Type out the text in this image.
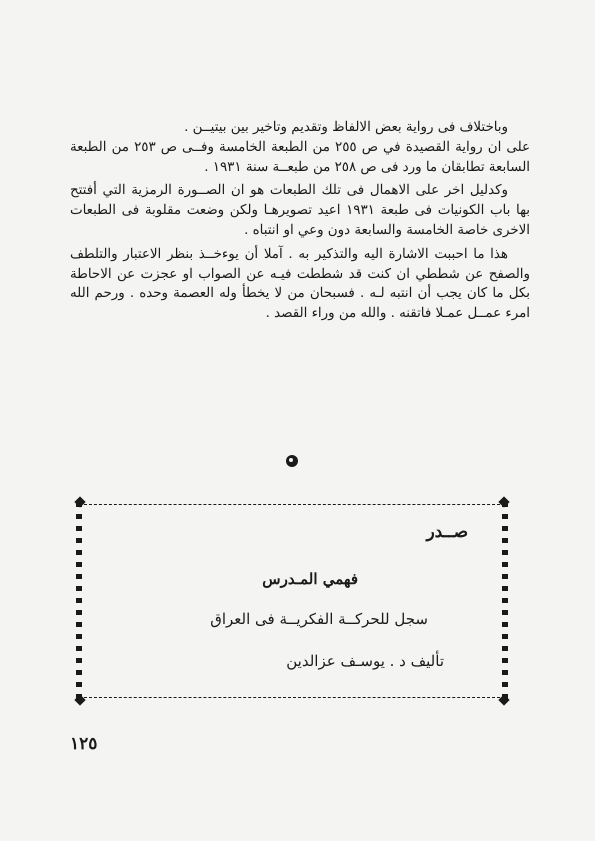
وباختلاف فى رواية بعض الالفاظ وتقديم وتاخير بين بيتيــن .

على ان رواية القصيدة في ص ٢٥٥ من الطبعة الخامسة وفــى ص ٢٥٣ من الطبعة السابعة تطابقان ما ورد فى ص ٢٥٨ من طبعــة سنة ١٩٣١ .

وكدليل اخر على الاهمال فى تلك الطبعات هو ان الصــورة الرمزية التي أفتتح بها باب الكونيات فى طبعة ١٩٣١ اعيد تصويرهـا ولكن وضعت مقلوبة فى الطبعات الاخرى خاصة الخامسة والسابعة دون وعي او انتباه .

هذا ما احببت الاشارة اليه والتذكير به . آملا أن يوءخــذ بنظر الاعتبار والتلطف والصفح عن شططي ان كنت قد شططت فيـه عن الصواب او عجزت عن الاحاطة بكل ما كان يجب أن انتبه لـه . فسبحان من لا يخطأ وله العصمة وحده . ورحم الله امرء عمــل عمـلا فاتقنه . والله من وراء القصد .

صــدر
فهمي المـدرس
سجل للحركــة الفكريــة فى العراق
تأليف د . يوسـف عزالدين
١٢٥
